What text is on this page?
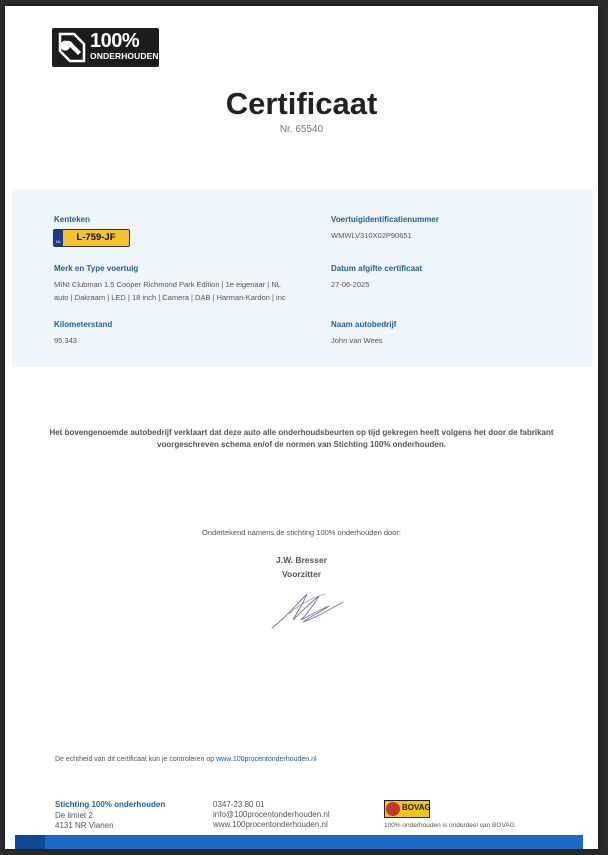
100%
ONDERHOUDEN
Certificaat
Nr. 65540
Kenteken
NL	L-759-JF
Voertuigidentificatienummer
WMWLV310X02P90651
Merk en Type voertuig
MINI Clubman 1.5 Cooper Richmond Park Edition | 1e eigenaar | NL
auto | Dakraam | LED | 18 inch | Camera | DAB | Harman-Kardon | inc
Datum afgifte certificaat
27-06-2025
Kilometerstand
95.343
Naam autobedrijf
John van Wees
Het bovengenoemde autobedrijf verklaart dat deze auto alle onderhoudsbeurten op tijd gekregen heeft volgens het door de fabrikant
voorgeschreven schema en/of de normen van Stichting 100% onderhouden.
Ondertekend namens de stichting 100% onderhouden door:
J.W. Bresser
Voorzitter
De echtheid van dit certificaat kun je controleren op www.100procentonderhouden.nl
Stichting 100% onderhouden
De limiet 2
4131 NR Vianen
0347-23 80 01
info@100procentonderhouden.nl
www.100procentonderhouden.nl
BOVAG
100% onderhouden is onderdeel van BOVAG.
